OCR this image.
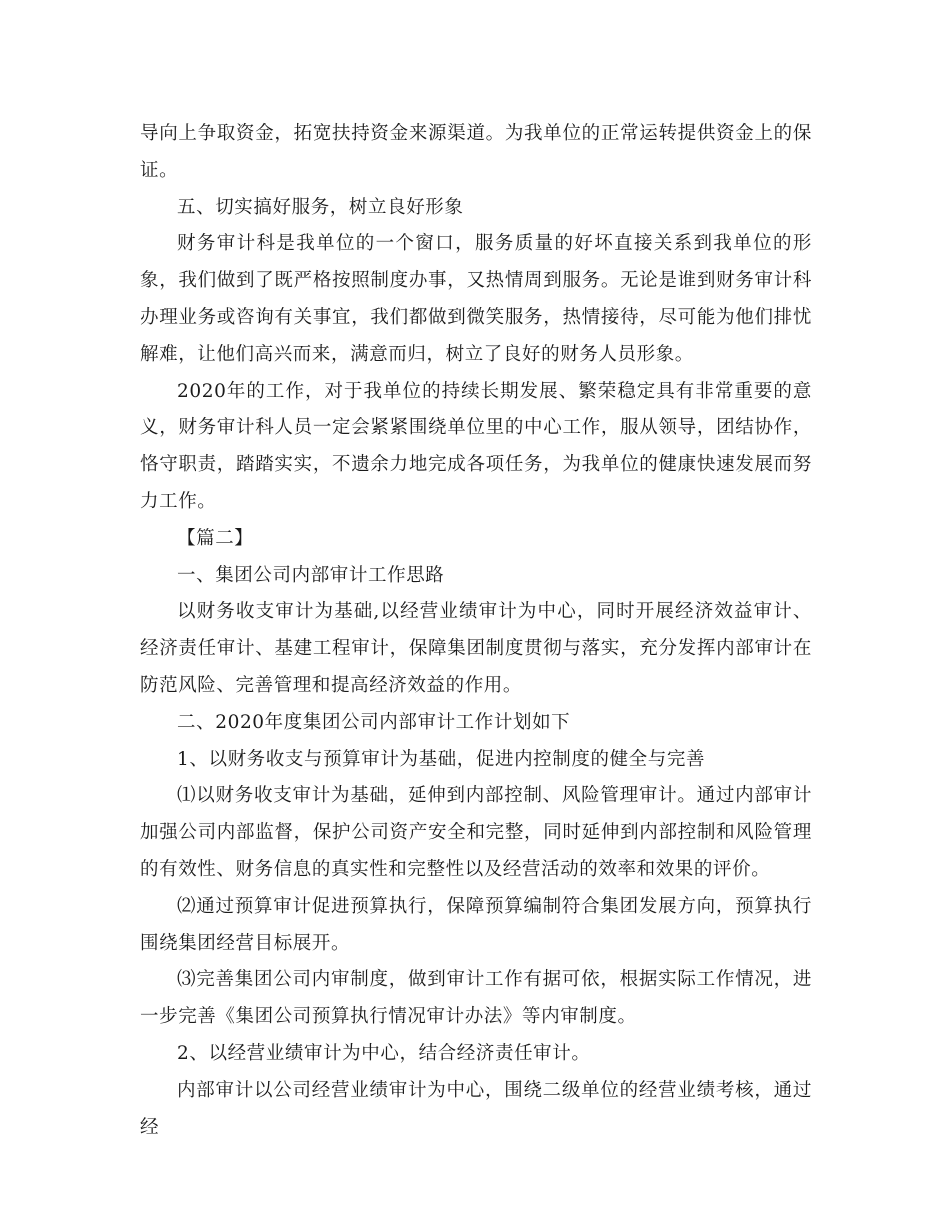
导向上争取资金，拓宽扶持资金来源渠道。为我单位的正常运转提供资金上的保证。

五、切实搞好服务，树立良好形象

财务审计科是我单位的一个窗口，服务质量的好坏直接关系到我单位的形象，我们做到了既严格按照制度办事，又热情周到服务。无论是谁到财务审计科办理业务或咨询有关事宜，我们都做到微笑服务，热情接待，尽可能为他们排忧解难，让他们高兴而来，满意而归，树立了良好的财务人员形象。

2020年的工作，对于我单位的持续长期发展、繁荣稳定具有非常重要的意义，财务审计科人员一定会紧紧围绕单位里的中心工作，服从领导，团结协作，恪守职责，踏踏实实，不遗余力地完成各项任务，为我单位的健康快速发展而努力工作。

【篇二】

一、集团公司内部审计工作思路

以财务收支审计为基础,以经营业绩审计为中心，同时开展经济效益审计、经济责任审计、基建工程审计，保障集团制度贯彻与落实，充分发挥内部审计在防范风险、完善管理和提高经济效益的作用。

二、2020年度集团公司内部审计工作计划如下

1、以财务收支与预算审计为基础，促进内控制度的健全与完善

⑴以财务收支审计为基础，延伸到内部控制、风险管理审计。通过内部审计加强公司内部监督，保护公司资产安全和完整，同时延伸到内部控制和风险管理的有效性、财务信息的真实性和完整性以及经营活动的效率和效果的评价。

⑵通过预算审计促进预算执行，保障预算编制符合集团发展方向，预算执行围绕集团经营目标展开。

⑶完善集团公司内审制度，做到审计工作有据可依，根据实际工作情况，进一步完善《集团公司预算执行情况审计办法》等内审制度。

2、以经营业绩审计为中心，结合经济责任审计。

内部审计以公司经营业绩审计为中心，围绕二级单位的经营业绩考核，通过经
